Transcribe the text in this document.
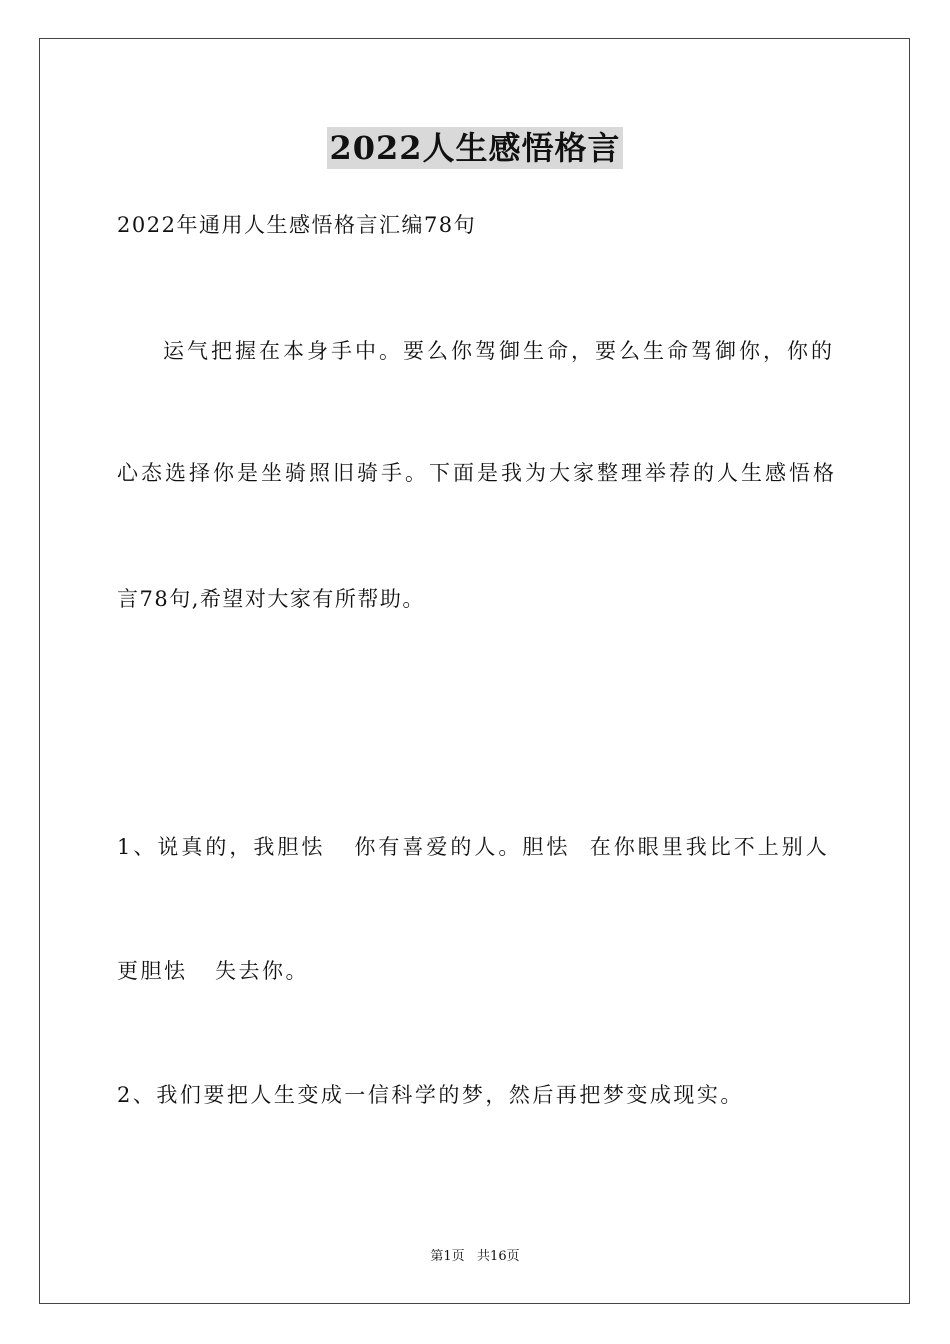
2022人生感悟格言
2022年通用人生感悟格言汇编78句
运气把握在本身手中。要么你驾御生命，要么生命驾御你，你的
心态选择你是坐骑照旧骑手。下面是我为大家整理举荐的人生感悟格
言78句,希望对大家有所帮助。
1、说真的，我胆怯   你有喜爱的人。胆怯  在你眼里我比不上别人
更胆怯   失去你。
2、我们要把人生变成一信科学的梦，然后再把梦变成现实。
第1页   共16页
